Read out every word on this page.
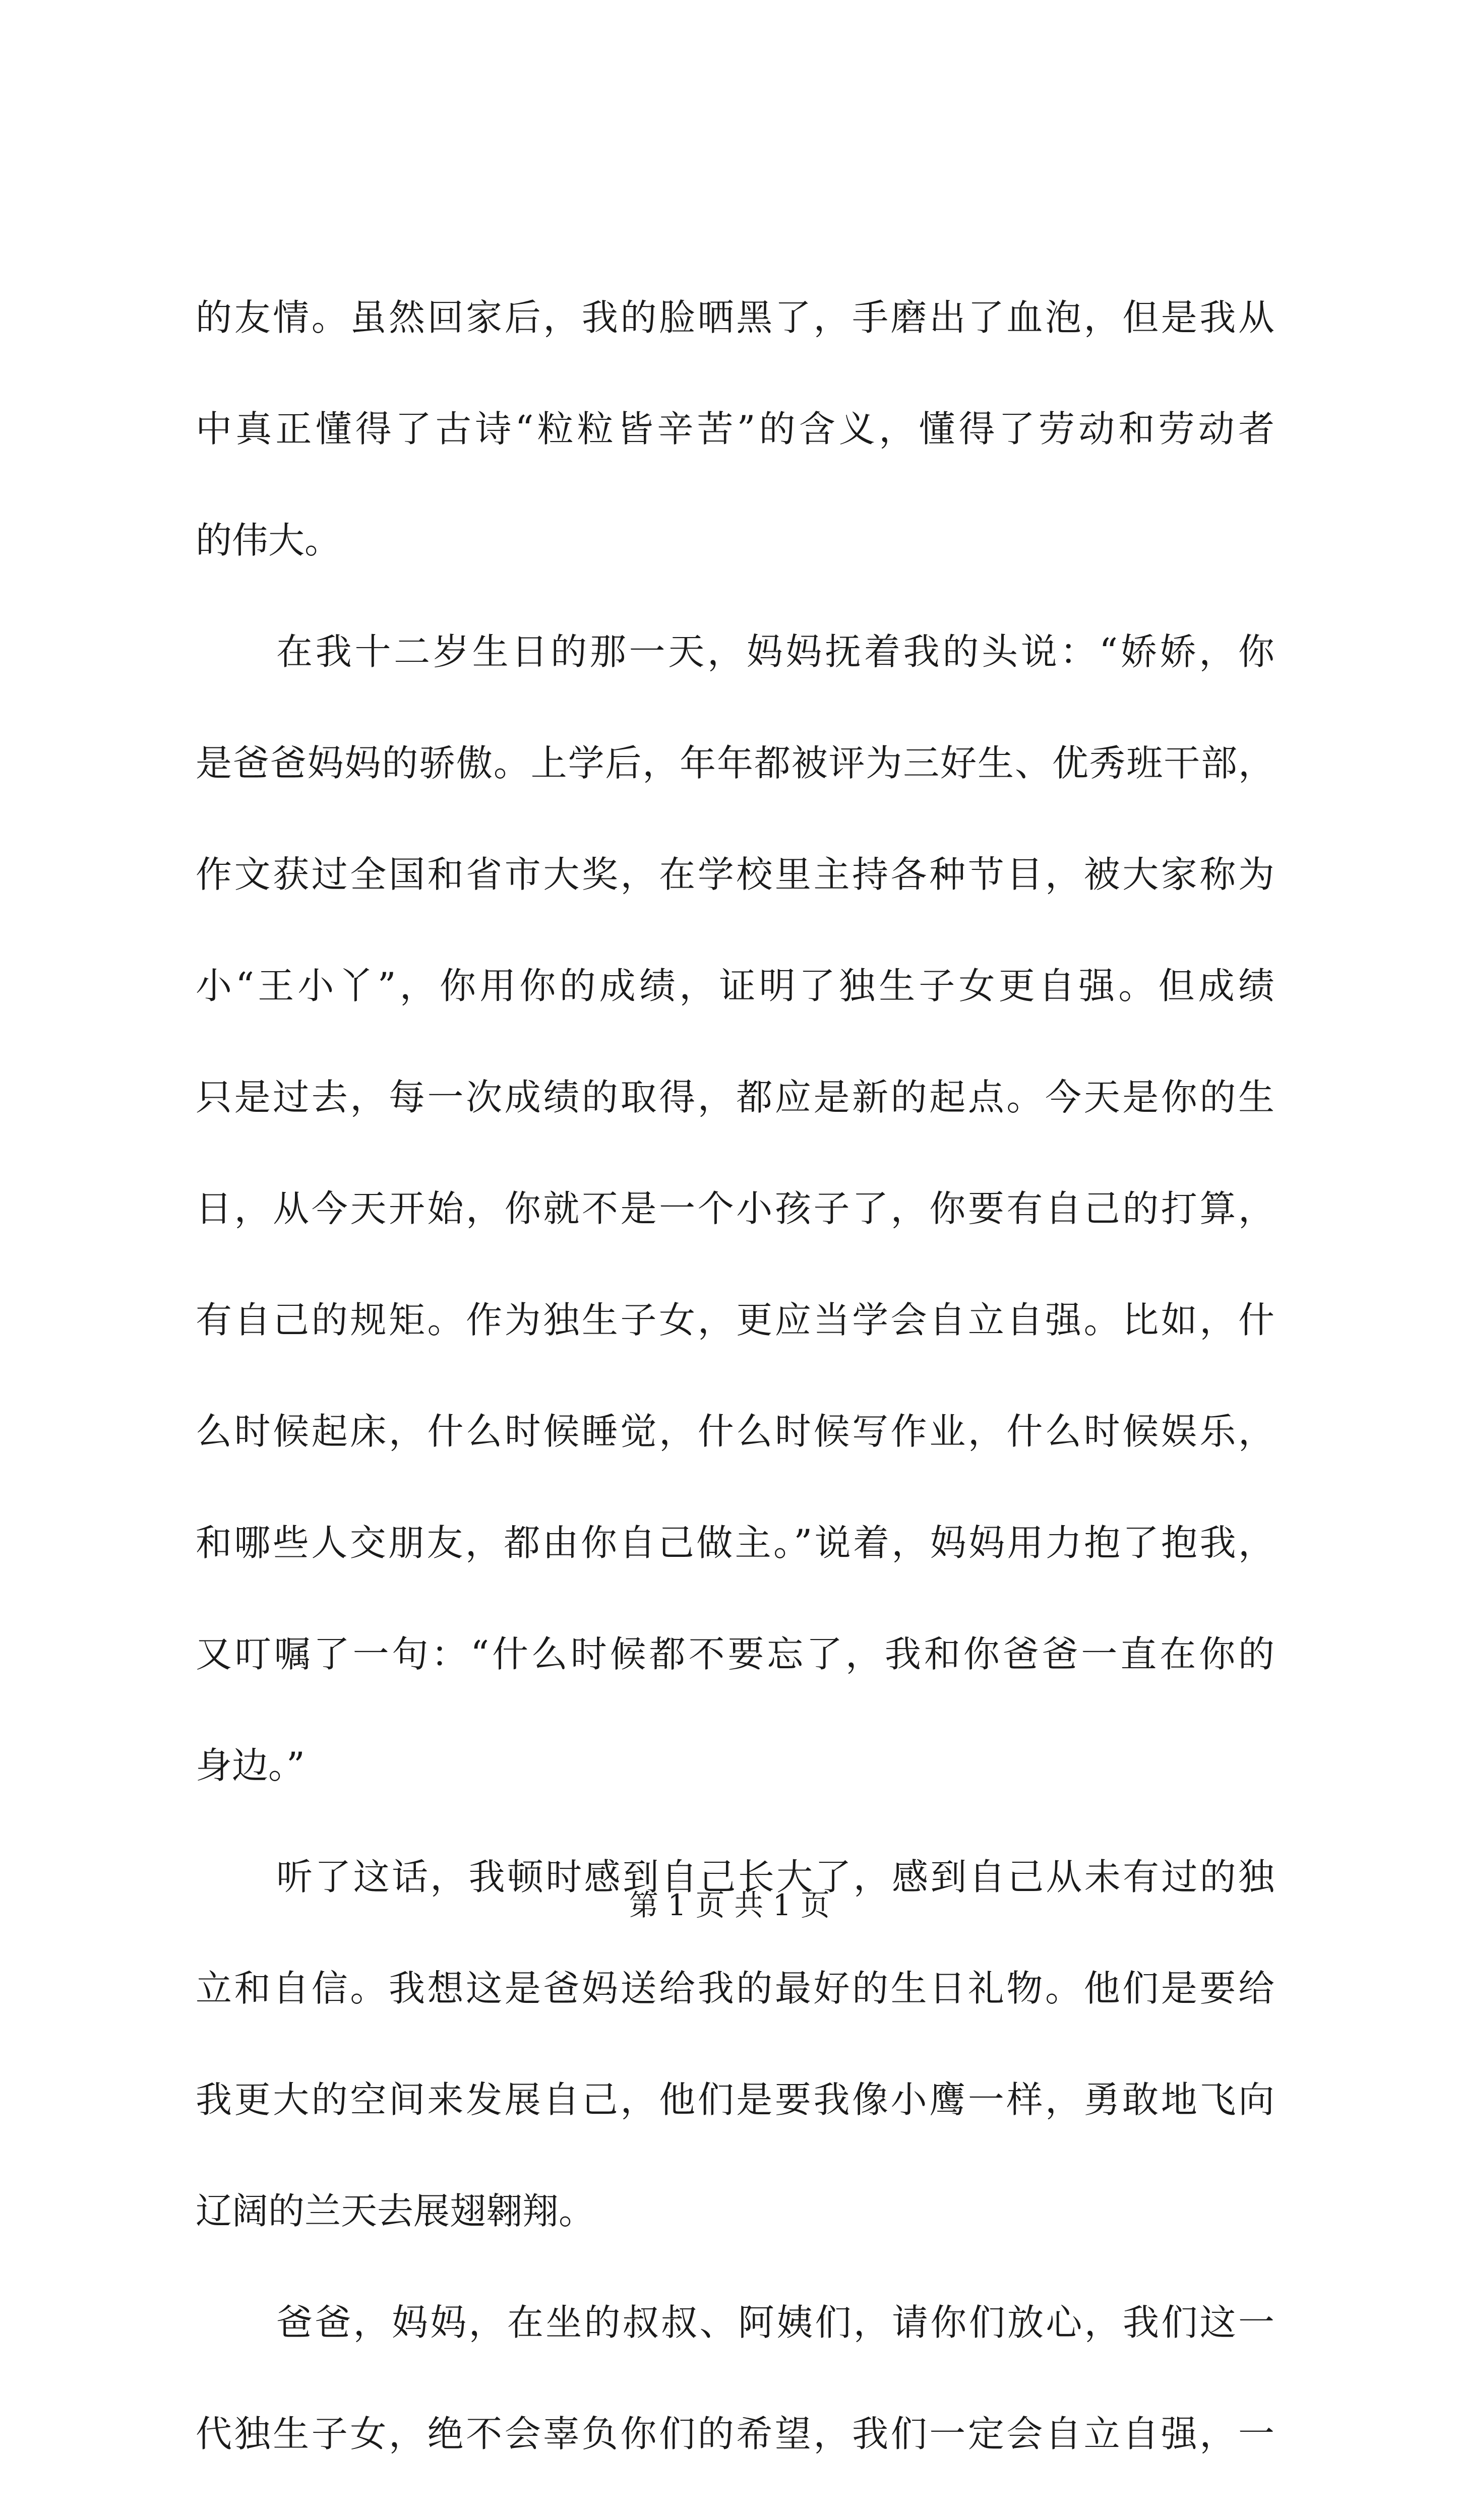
的友情。虽然回家后，我的脸晒黑了，手磨出了血泡，但是我从
中真正懂得了古诗“粒粒皆辛苦”的含义，懂得了劳动和劳动者
的伟大。
在我十二岁生日的那一天，妈妈抚着我的头说：“娇娇，你
是爸爸妈妈的骄傲。上学后，年年都被评为三好生、优秀班干部，
作文获过全国和省市大奖，在学校里主持各种节目，被大家称为
小“王小丫”，你用你的成绩，证明了独生子女更自强。但成绩
只是过去，每一次成绩的取得，都应是新的起点。今天是你的生
日，从今天开始，你就不是一个小孩子了，你要有自己的打算，
有自己的规矩。作为独生子女，更应当学会自立自强。比如，什
么时候起床，什么时候睡觉，什么时候写作业，什么时候娱乐，
和哪些人交朋友，都由你自己做主。”说着，妈妈用力抱了抱我，
又叮嘱了一句：“什么时候都不要忘了，我和你爸爸一直在你的
身边。”
听了这话，我顿时感到自己长大了，感到自己从未有过的独
立和自信。我想这是爸妈送给我的最好的生日礼物。他们是要给
我更大的空间来发展自己，他们是要我像小鹰一样，勇敢地飞向
辽阔的兰天去展翅翱翔。
爸爸，妈妈，在坐的叔叔、阿姨们，请你们放心，我们这一
代独生子女，绝不会辜负你们的希望，我们一定会自立自强，一
第 1 页 共 1 页
